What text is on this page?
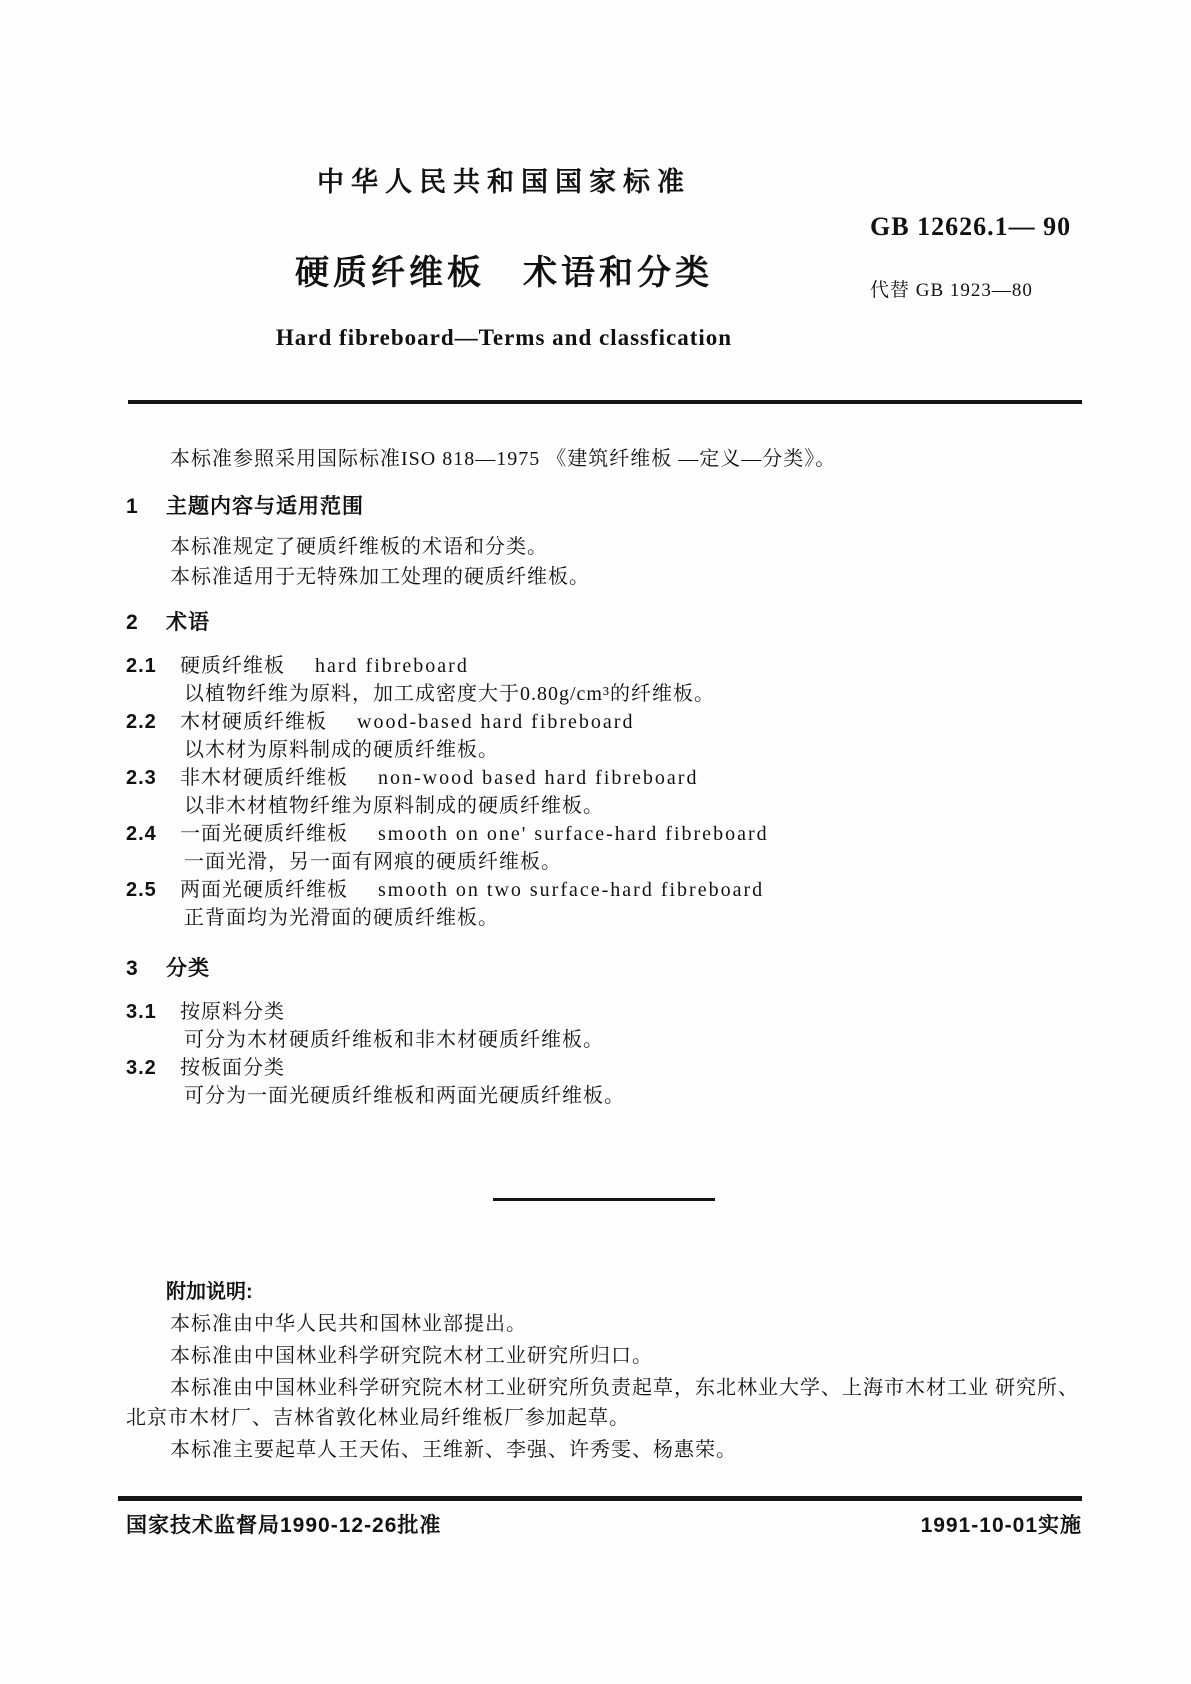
中华人民共和国国家标准
GB 12626.1— 90
硬质纤维板　术语和分类	代替 GB 1923—80
Hard fibreboard—Terms and classfication

本标准参照采用国际标准ISO 818—1975 《建筑纤维板 —定义—分类》。

1 主题内容与适用范围

本标准规定了硬质纤维板的术语和分类。

本标准适用于无特殊加工处理的硬质纤维板。

2 术语

2.1 硬质纤维板 hard fibreboard

以植物纤维为原料，加工成密度大于0.80g/cm³的纤维板。

2.2 木材硬质纤维板 wood-based hard fibreboard

以木材为原料制成的硬质纤维板。

2.3 非木材硬质纤维板 non-wood based hard fibreboard

以非木材植物纤维为原料制成的硬质纤维板。

2.4 一面光硬质纤维板 smooth on one' surface-hard fibreboard

一面光滑，另一面有网痕的硬质纤维板。

2.5 两面光硬质纤维板 smooth on two surface-hard fibreboard

正背面均为光滑面的硬质纤维板。

3 分类

3.1 按原料分类

可分为木材硬质纤维板和非木材硬质纤维板。

3.2 按板面分类

可分为一面光硬质纤维板和两面光硬质纤维板。

附加说明:

本标准由中华人民共和国林业部提出。

本标准由中国林业科学研究院木材工业研究所归口。

本标准由中国林业科学研究院木材工业研究所负责起草，东北林业大学、上海市木材工业 研究所、北京市木材厂、吉林省敦化林业局纤维板厂参加起草。

本标准主要起草人王天佑、王维新、李强、许秀雯、杨惠荣。

国家技术监督局1990-12-26批准	1991-10-01实施
